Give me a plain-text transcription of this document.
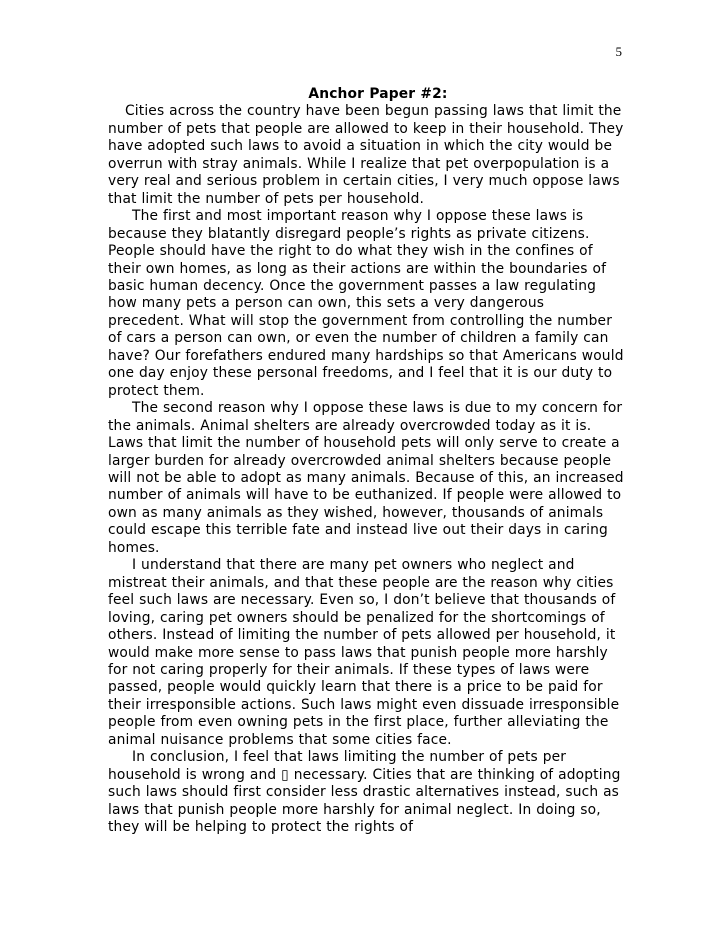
5

Anchor Paper #2:

Cities across the country have been begun passing laws that limit the number of pets that people are allowed to keep in their household. They have adopted such laws to avoid a situation in which the city would be overrun with stray animals. While I realize that pet overpopulation is a very real and serious problem in certain cities, I very much oppose laws that limit the number of pets per household.

The first and most important reason why I oppose these laws is because they blatantly disregard people’s rights as private citizens. People should have the right to do what they wish in the confines of their own homes, as long as their actions are within the boundaries of basic human decency. Once the government passes a law regulating how many pets a person can own, this sets a very dangerous precedent. What will stop the government from controlling the number of cars a person can own, or even the number of children a family can have? Our forefathers endured many hardships so that Americans would one day enjoy these personal freedoms, and I feel that it is our duty to protect them.

The second reason why I oppose these laws is due to my concern for the animals. Animal shelters are already overcrowded today as it is. Laws that limit the number of household pets will only serve to create a larger burden for already overcrowded animal shelters because people will not be able to adopt as many animals. Because of this, an increased number of animals will have to be euthanized. If people were allowed to own as many animals as they wished, however, thousands of animals could escape this terrible fate and instead live out their days in caring homes.

I understand that there are many pet owners who neglect and mistreat their animals, and that these people are the reason why cities feel such laws are necessary. Even so, I don’t believe that thousands of loving, caring pet owners should be penalized for the shortcomings of others. Instead of limiting the number of pets allowed per household, it would make more sense to pass laws that punish people more harshly for not caring properly for their animals. If these types of laws were passed, people would quickly learn that there is a price to be paid for their irresponsible actions. Such laws might even dissuade irresponsible people from even owning pets in the first place, further alleviating the animal nuisance problems that some cities face.

In conclusion, I feel that laws limiting the number of pets per household is wrong and ▯ necessary. Cities that are thinking of adopting such laws should first consider less drastic alternatives instead, such as laws that punish people more harshly for animal neglect. In doing so, they will be helping to protect the rights of
